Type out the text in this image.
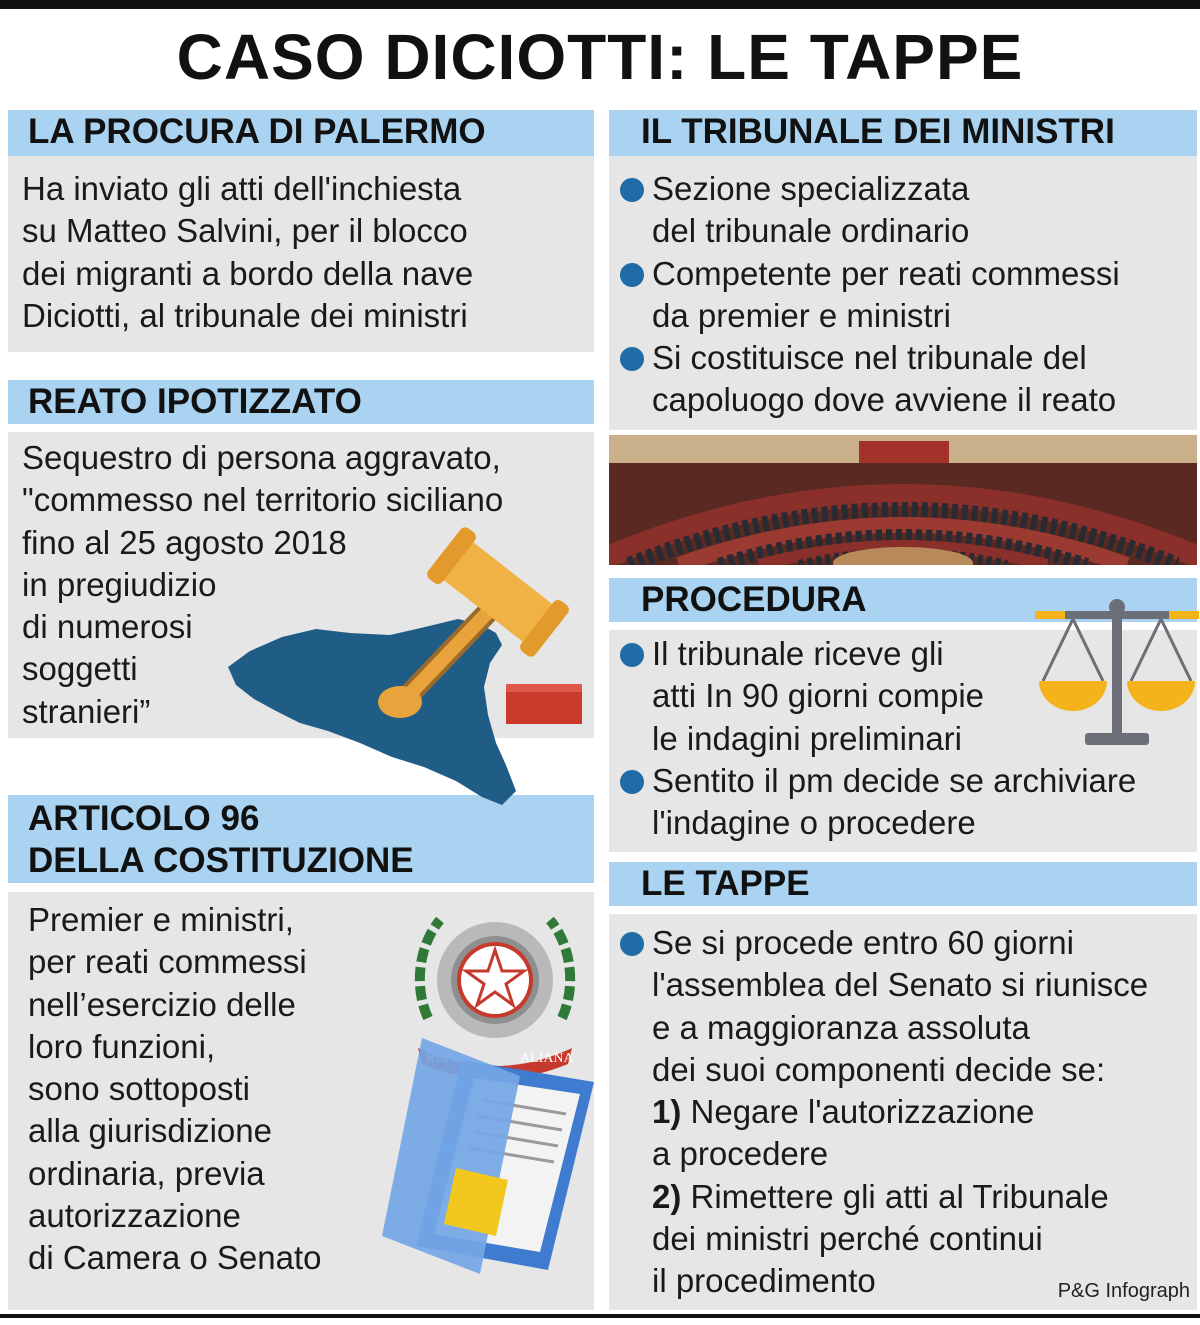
CASO DICIOTTI: LE TAPPE
LA PROCURA DI PALERMO
Ha inviato gli atti dell'inchiesta
su Matteo Salvini, per il blocco
dei migranti a bordo della nave
Diciotti, al tribunale dei ministri
REATO IPOTIZZATO
Sequestro di persona aggravato,
"commesso nel territorio siciliano
fino al 25 agosto 2018
in pregiudizio
di numerosi
soggetti
stranieri”
ARTICOLO 96
DELLA COSTITUZIONE
Premier e ministri,
per reati commessi
nell’esercizio delle
loro funzioni,
sono sottoposti
alla giurisdizione
ordinaria, previa
autorizzazione
di Camera o Senato
ALIANA
IL TRIBUNALE DEI MINISTRI
Sezione specializzata
del tribunale ordinario
Competente per reati commessi
da premier e ministri
Si costituisce nel tribunale del
capoluogo dove avviene il reato
PROCEDURA
Il tribunale riceve gli
atti In 90 giorni compie
le indagini preliminari
Sentito il pm decide se archiviare
l'indagine o procedere
LE TAPPE
Se si procede entro 60 giorni
l'assemblea del Senato si riunisce
e a maggioranza assoluta
dei suoi componenti decide se:
1) Negare l'autorizzazione
a procedere
2) Rimettere gli atti al Tribunale
dei ministri perché continui
il procedimento	P&G Infograph
